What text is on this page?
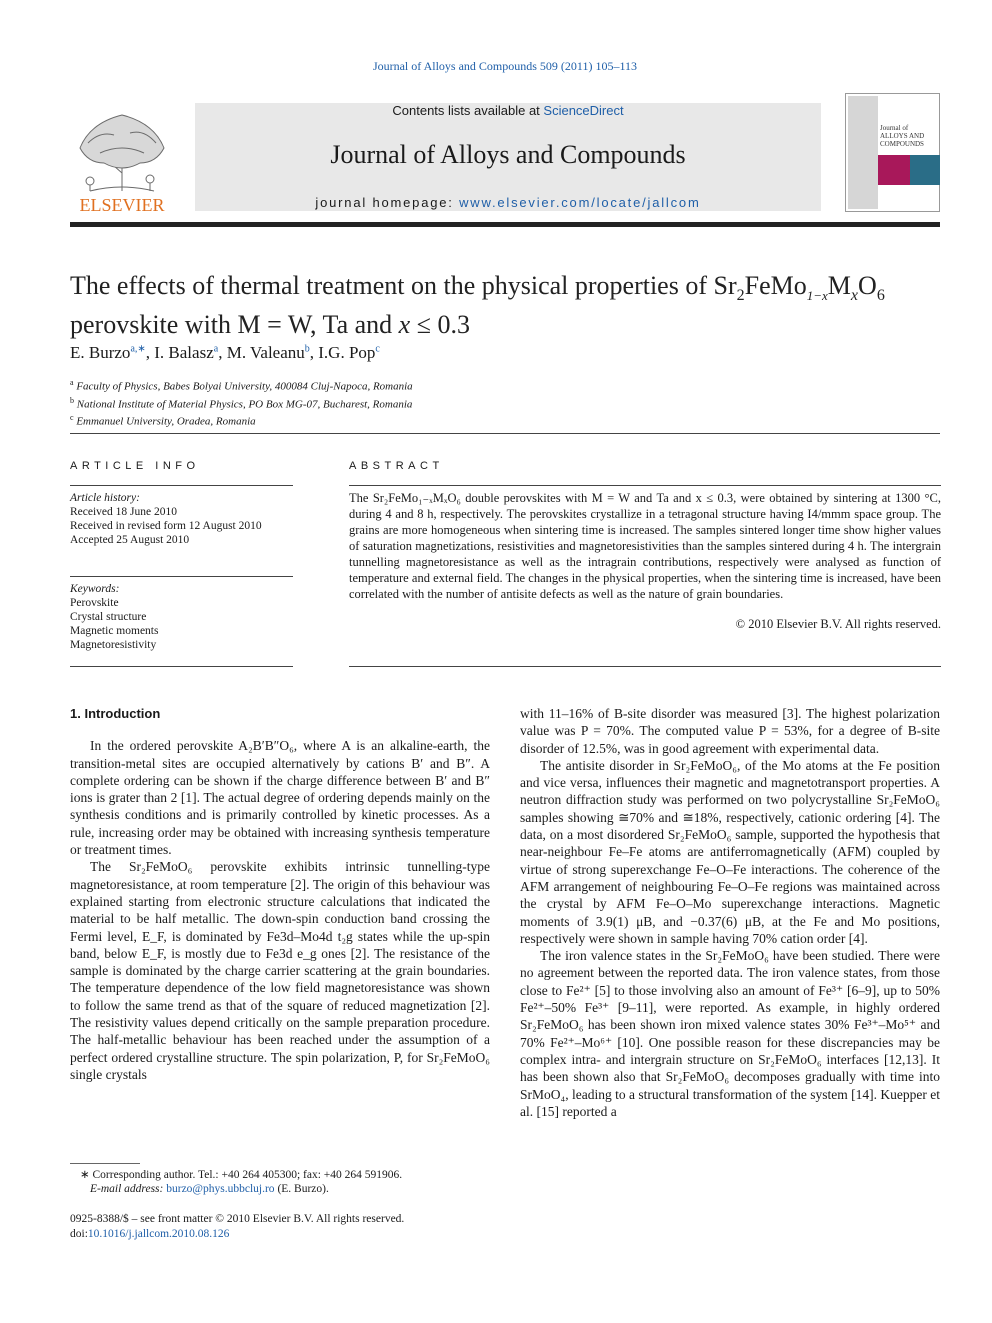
Journal of Alloys and Compounds 509 (2011) 105–113
ELSEVIER
Contents lists available at ScienceDirect
Journal of Alloys and Compounds
journal homepage: www.elsevier.com/locate/jallcom
Journal of ALLOYS AND COMPOUNDS
The effects of thermal treatment on the physical properties of $Sr_2FeMo_{1-x}M_xO_6$
perovskite with M = W, Ta and x ≤ 0.3
E. Burzo$^{a,∗}$, I. Balasz$^a$, M. Valeanu$^b$, I.G. Pop$^c$
$^a$ Faculty of Physics, Babes Bolyai University, 400084 Cluj-Napoca, Romania
$^b$ National Institute of Material Physics, PO Box MG-07, Bucharest, Romania
$^c$ Emmanuel University, Oradea, Romania
ARTICLE INFO
Article history:
Received 18 June 2010
Received in revised form 12 August 2010
Accepted 25 August 2010
Keywords:
Perovskite
Crystal structure
Magnetic moments
Magnetoresistivity
ABSTRACT
The Sr₂FeMo₁₋ₓMₓO₆ double perovskites with M = W and Ta and x ≤ 0.3, were obtained by sintering at 1300 °C, during 4 and 8 h, respectively. The perovskites crystallize in a tetragonal structure having I4/mmm space group. The grains are more homogeneous when sintering time is increased. The samples sintered longer time show higher values of saturation magnetizations, resistivities and magnetoresistivities than the samples sintered during 4 h. The intergrain tunnelling magnetoresistance as well as the intragrain contributions, respectively were analysed as function of temperature and external field. The changes in the physical properties, when the sintering time is increased, have been correlated with the number of antisite defects as well as the nature of grain boundaries.
© 2010 Elsevier B.V. All rights reserved.
1. Introduction

In the ordered perovskite A₂B′B″O₆, where A is an alkaline-earth, the transition-metal sites are occupied alternatively by cations B′ and B″. A complete ordering can be shown if the charge difference between B′ and B″ ions is grater than 2 [1]. The actual degree of ordering depends mainly on the synthesis conditions and is primarily controlled by kinetic processes. As a rule, increasing order may be obtained with increasing synthesis temperature or treatment times.

The Sr₂FeMoO₆ perovskite exhibits intrinsic tunnelling-type magnetoresistance, at room temperature [2]. The origin of this behaviour was explained starting from electronic structure calculations that indicated the material to be half metallic. The down-spin conduction band crossing the Fermi level, E_F, is dominated by Fe3d–Mo4d t₂g states while the up-spin band, below E_F, is mostly due to Fe3d e_g ones [2]. The resistance of the sample is dominated by the charge carrier scattering at the grain boundaries. The temperature dependence of the low field magnetoresistance was shown to follow the same trend as that of the square of reduced magnetization [2]. The resistivity values depend critically on the sample preparation procedure. The half-metallic behaviour has been reached under the assumption of a perfect ordered crystalline structure. The spin polarization, P, for Sr₂FeMoO₆ single crystals

with 11–16% of B-site disorder was measured [3]. The highest polarization value was P = 70%. The computed value P = 53%, for a degree of B-site disorder of 12.5%, was in good agreement with experimental data.

The antisite disorder in Sr₂FeMoO₆, of the Mo atoms at the Fe position and vice versa, influences their magnetic and magnetotransport properties. A neutron diffraction study was performed on two polycrystalline Sr₂FeMoO₆ samples showing ≅70% and ≅18%, respectively, cationic ordering [4]. The data, on a most disordered Sr₂FeMoO₆ sample, supported the hypothesis that near-neighbour Fe–Fe atoms are antiferromagnetically (AFM) coupled by virtue of strong superexchange Fe–O–Fe interactions. The coherence of the AFM arrangement of neighbouring Fe–O–Fe regions was maintained across the crystal by AFM Fe–O–Mo superexchange interactions. Magnetic moments of 3.9(1) μB, and −0.37(6) μB, at the Fe and Mo positions, respectively were shown in sample having 70% cation order [4].

The iron valence states in the Sr₂FeMoO₆ have been studied. There were no agreement between the reported data. The iron valence states, from those close to Fe²⁺ [5] to those involving also an amount of Fe³⁺ [6–9], up to 50% Fe²⁺–50% Fe³⁺ [9–11], were reported. As example, in highly ordered Sr₂FeMoO₆ has been shown iron mixed valence states 30% Fe³⁺–Mo⁵⁺ and 70% Fe²⁺–Mo⁶⁺ [10]. One possible reason for these discrepancies may be complex intra- and intergrain structure on Sr₂FeMoO₆ interfaces [12,13]. It has been shown also that Sr₂FeMoO₆ decomposes gradually with time into SrMoO₄, leading to a structural transformation of the system [14]. Kuepper et al. [15] reported a

∗ Corresponding author. Tel.: +40 264 405300; fax: +40 264 591906.
E-mail address: burzo@phys.ubbcluj.ro (E. Burzo).
0925-8388/$ – see front matter © 2010 Elsevier B.V. All rights reserved.
doi:10.1016/j.jallcom.2010.08.126
